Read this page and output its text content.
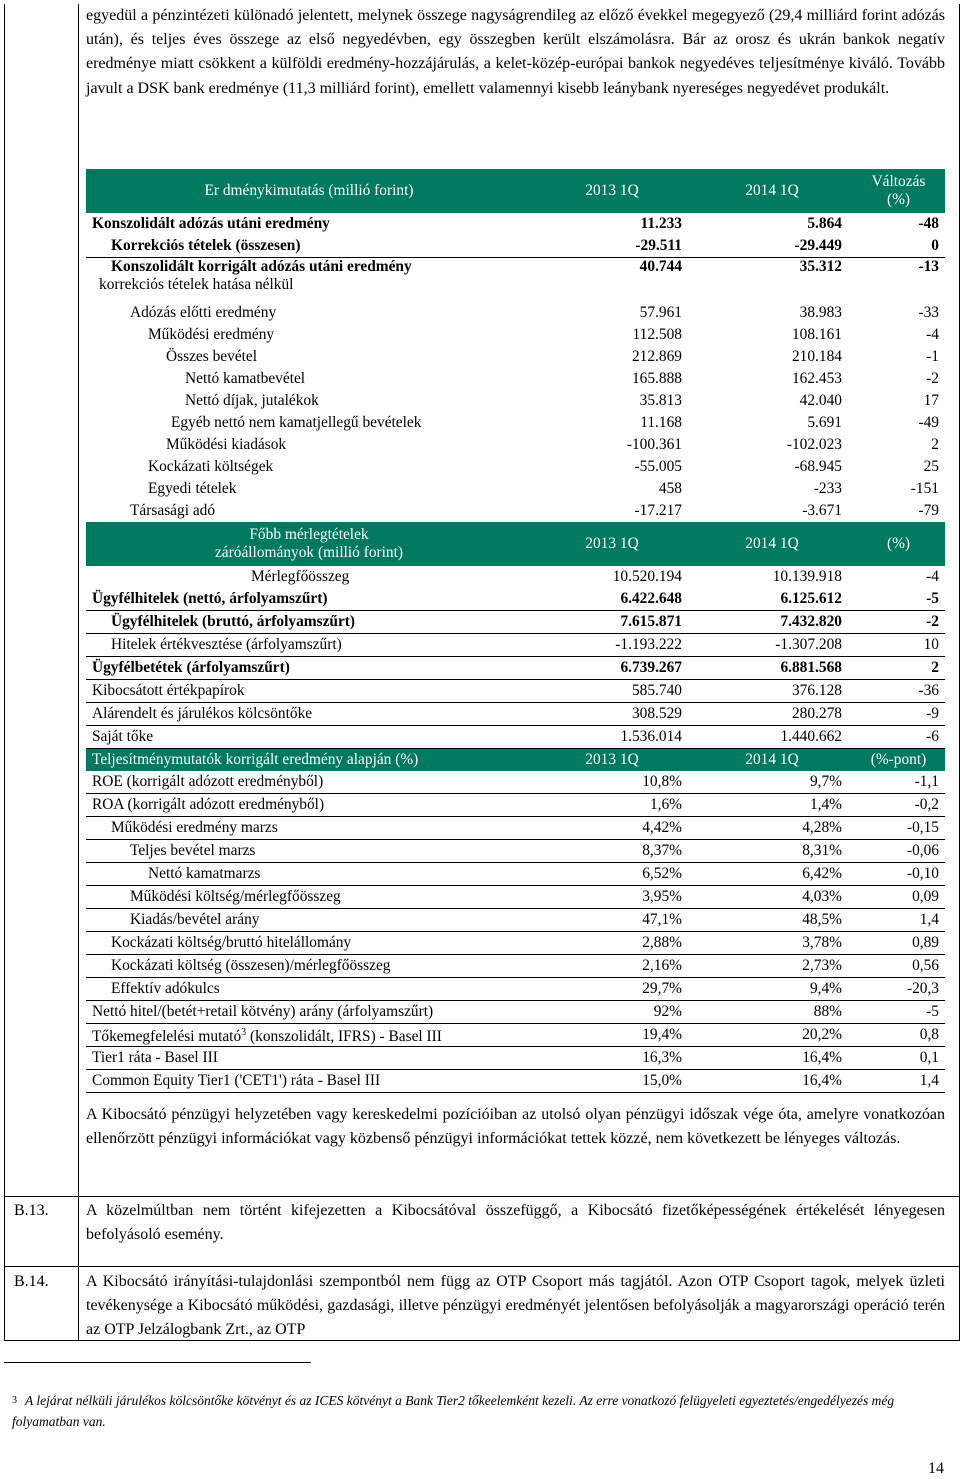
egyedül a pénzintézeti különadó jelentett, melynek összege nagyságrendileg az előző évekkel megegyező (29,4 milliárd forint adózás után), és teljes éves összege az első negyedévben, egy összegben került elszámolásra. Bár az orosz és ukrán bankok negatív eredménye miatt csökkent a külföldi eredmény-hozzájárulás, a kelet-közép-európai bankok negyedéves teljesítménye kiváló. Tovább javult a DSK bank eredménye (11,3 milliárd forint), emellett valamennyi kisebb leánybank nyereséges negyedévet produkált.

Er dménykimutatás (millió forint)	2013 1Q	2014 1Q	Változás
(%)
Konszolidált adózás utáni eredmény	11.233	5.864	-48
Korrekciós tételek (összesen)	-29.511	-29.449	0
Konszolidált korrigált adózás utáni eredmény
korrekciós tételek hatása nélkül	40.744	35.312	-13
Adózás előtti eredmény	57.961	38.983	-33
Működési eredmény	112.508	108.161	-4
Összes bevétel	212.869	210.184	-1
Nettó kamatbevétel	165.888	162.453	-2
Nettó díjak, jutalékok	35.813	42.040	17
Egyéb nettó nem kamatjellegű bevételek	11.168	5.691	-49
Működési kiadások	-100.361	-102.023	2
Kockázati költségek	-55.005	-68.945	25
Egyedi tételek	458	-233	-151
Társasági adó	-17.217	-3.671	-79
Főbb mérlegtételek
záróállományok (millió forint)	2013 1Q	2014 1Q	(%)
Mérlegfőösszeg	10.520.194	10.139.918	-4
Ügyfélhitelek (nettó, árfolyamszűrt)	6.422.648	6.125.612	-5
Ügyfélhitelek (bruttó, árfolyamszűrt)	7.615.871	7.432.820	-2
Hitelek értékvesztése (árfolyamszűrt)	-1.193.222	-1.307.208	10
Ügyfélbetétek (árfolyamszűrt)	6.739.267	6.881.568	2
Kibocsátott értékpapírok	585.740	376.128	-36
Alárendelt és járulékos kölcsöntőke	308.529	280.278	-9
Saját tőke	1.536.014	1.440.662	-6
Teljesítménymutatók korrigált eredmény alapján (%)	2013 1Q	2014 1Q	(%-pont)
ROE (korrigált adózott eredményből)	10,8%	9,7%	-1,1
ROA (korrigált adózott eredményből)	1,6%	1,4%	-0,2
Működési eredmény marzs	4,42%	4,28%	-0,15
Teljes bevétel marzs	8,37%	8,31%	-0,06
Nettó kamatmarzs	6,52%	6,42%	-0,10
Működési költség/mérlegfőösszeg	3,95%	4,03%	0,09
Kiadás/bevétel arány	47,1%	48,5%	1,4
Kockázati költség/bruttó hitelállomány	2,88%	3,78%	0,89
Kockázati költség (összesen)/mérlegfőösszeg	2,16%	2,73%	0,56
Effektív adókulcs	29,7%	9,4%	-20,3
Nettó hitel/(betét+retail kötvény) arány (árfolyamszűrt)	92%	88%	-5
Tőkemegfelelési mutató$^3$ (konszolidált, IFRS) - Basel III	19,4%	20,2%	0,8
Tier1 ráta - Basel III	16,3%	16,4%	0,1
Common Equity Tier1 ('CET1') ráta - Basel III	15,0%	16,4%	1,4

A Kibocsátó pénzügyi helyzetében vagy kereskedelmi pozícióiban az utolsó olyan pénzügyi időszak vége óta, amelyre vonatkozóan ellenőrzött pénzügyi információkat vagy közbenső pénzügyi információkat tettek közzé, nem következett be lényeges változás.

B.13. A közelmúltban nem történt kifejezetten a Kibocsátóval összefüggő, a Kibocsátó fizetőképességének értékelését lényegesen befolyásoló esemény.

B.14. A Kibocsátó irányítási-tulajdonlási szempontból nem függ az OTP Csoport más tagjától. Azon OTP Csoport tagok, melyek üzleti tevékenysége a Kibocsátó működési, gazdasági, illetve pénzügyi eredményét jelentősen befolyásolják a magyarországi operáció terén az OTP Jelzálogbank Zrt., az OTP

$^3$ A lejárat nélküli járulékos kölcsöntőke kötvényt és az ICES kötvényt a Bank Tier2 tőkeelemként kezeli. Az erre vonatkozó felügyeleti egyeztetés/engedélyezés még folyamatban van.
14
